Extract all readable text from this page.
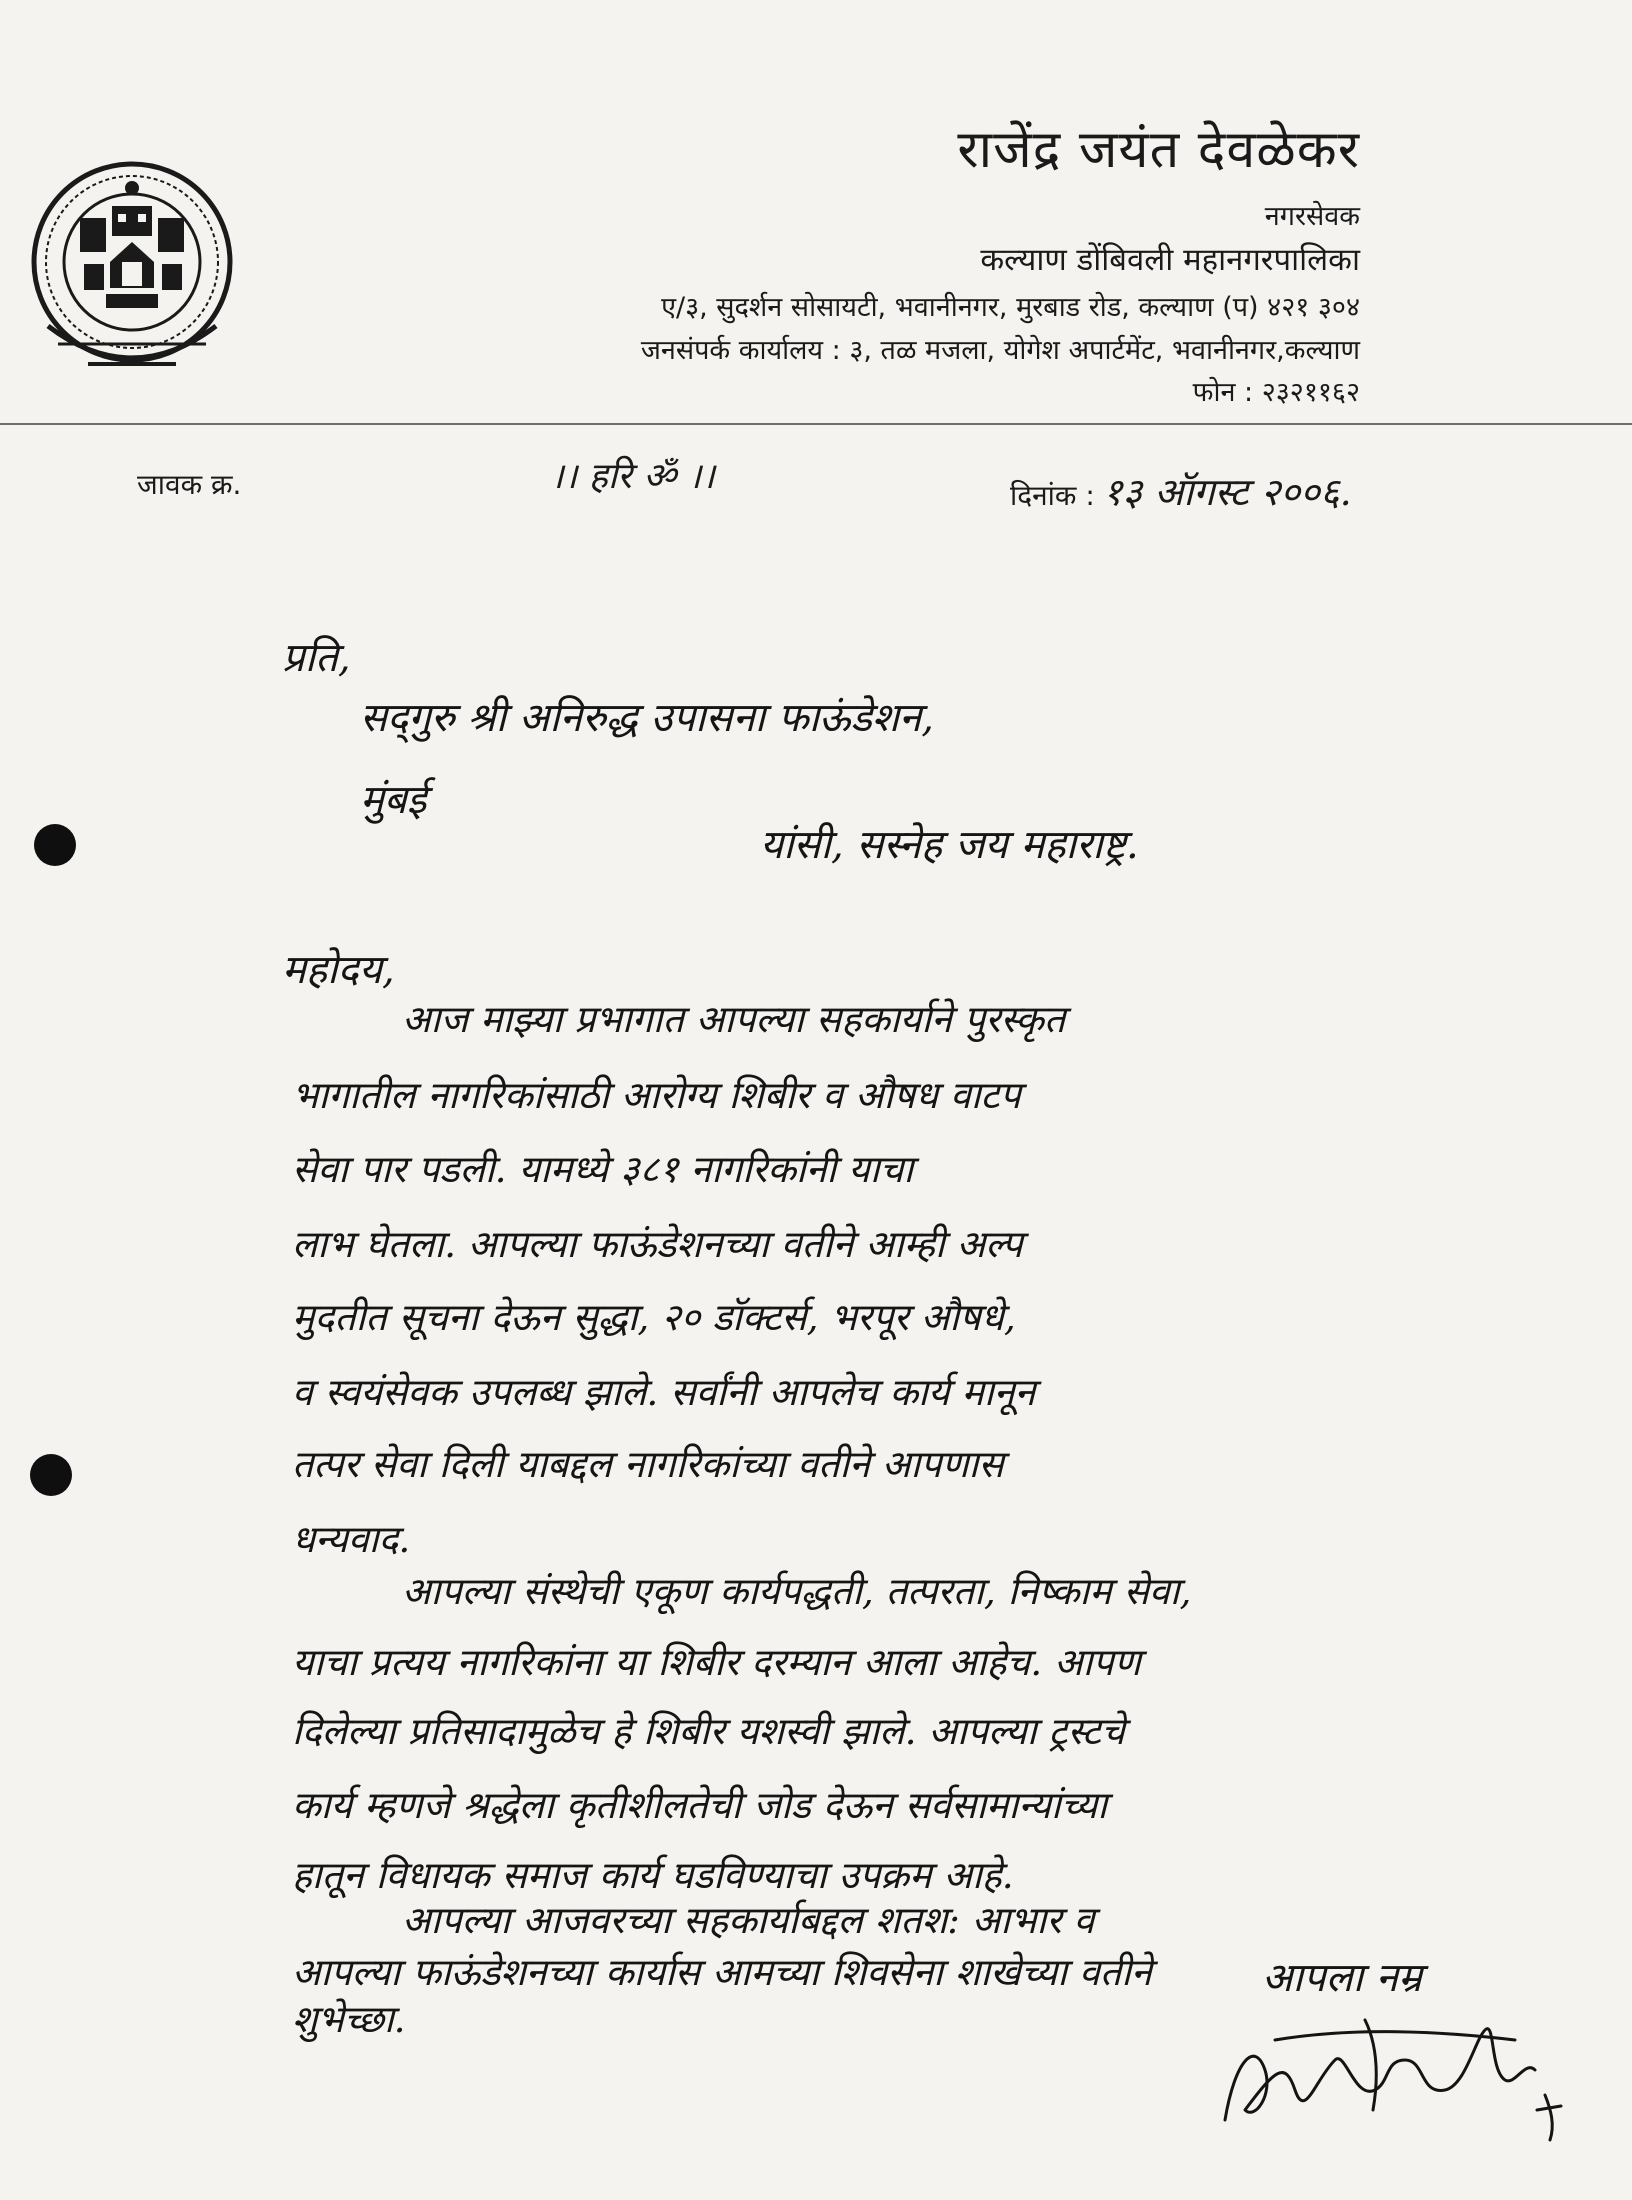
राजेंद्र जयंत देवळेकर
नगरसेवक
कल्याण डोंबिवली महानगरपालिका
ए/३, सुदर्शन सोसायटी, भवानीनगर, मुरबाड रोड, कल्याण (प) ४२१ ३०४
जनसंपर्क कार्यालय : ३, तळ मजला, योगेश अपार्टमेंट, भवानीनगर,कल्याण
फोन : २३२११६२
जावक क्र.	।। हरि ॐ ।।	दिनांक : १३ ऑगस्ट २००६.
प्रति,
सद्‌गुरु श्री अनिरुद्ध उपासना फाऊंडेशन,
मुंबई
यांसी, सस्नेह जय महाराष्ट्र.
महोदय,
आज माझ्या प्रभागात आपल्या सहकार्याने पुरस्कृत
भागातील नागरिकांसाठी आरोग्य शिबीर व औषध वाटप
सेवा पार पडली. यामध्ये ३८१ नागरिकांनी याचा
लाभ घेतला. आपल्या फाऊंडेशनच्या वतीने आम्ही अल्प
मुदतीत सूचना देऊन सुद्धा, २० डॉक्टर्स, भरपूर औषधे,
व स्वयंसेवक उपलब्ध झाले. सर्वांनी आपलेच कार्य मानून
तत्पर सेवा दिली याबद्दल नागरिकांच्या वतीने आपणास
धन्यवाद.
आपल्या संस्थेची एकूण कार्यपद्धती, तत्परता, निष्काम सेवा,
याचा प्रत्यय नागरिकांना या शिबीर दरम्यान आला आहेच. आपण
दिलेल्या प्रतिसादामुळेच हे शिबीर यशस्वी झाले. आपल्या ट्रस्टचे
कार्य म्हणजे श्रद्धेला कृतीशीलतेची जोड देऊन सर्वसामान्यांच्या
हातून विधायक समाज कार्य घडविण्याचा उपक्रम आहे.
आपल्या आजवरच्या सहकार्याबद्दल शतश: आभार व
आपल्या फाऊंडेशनच्या कार्यास आमच्या शिवसेना शाखेच्या वतीने
शुभेच्छा.
आपला नम्र
